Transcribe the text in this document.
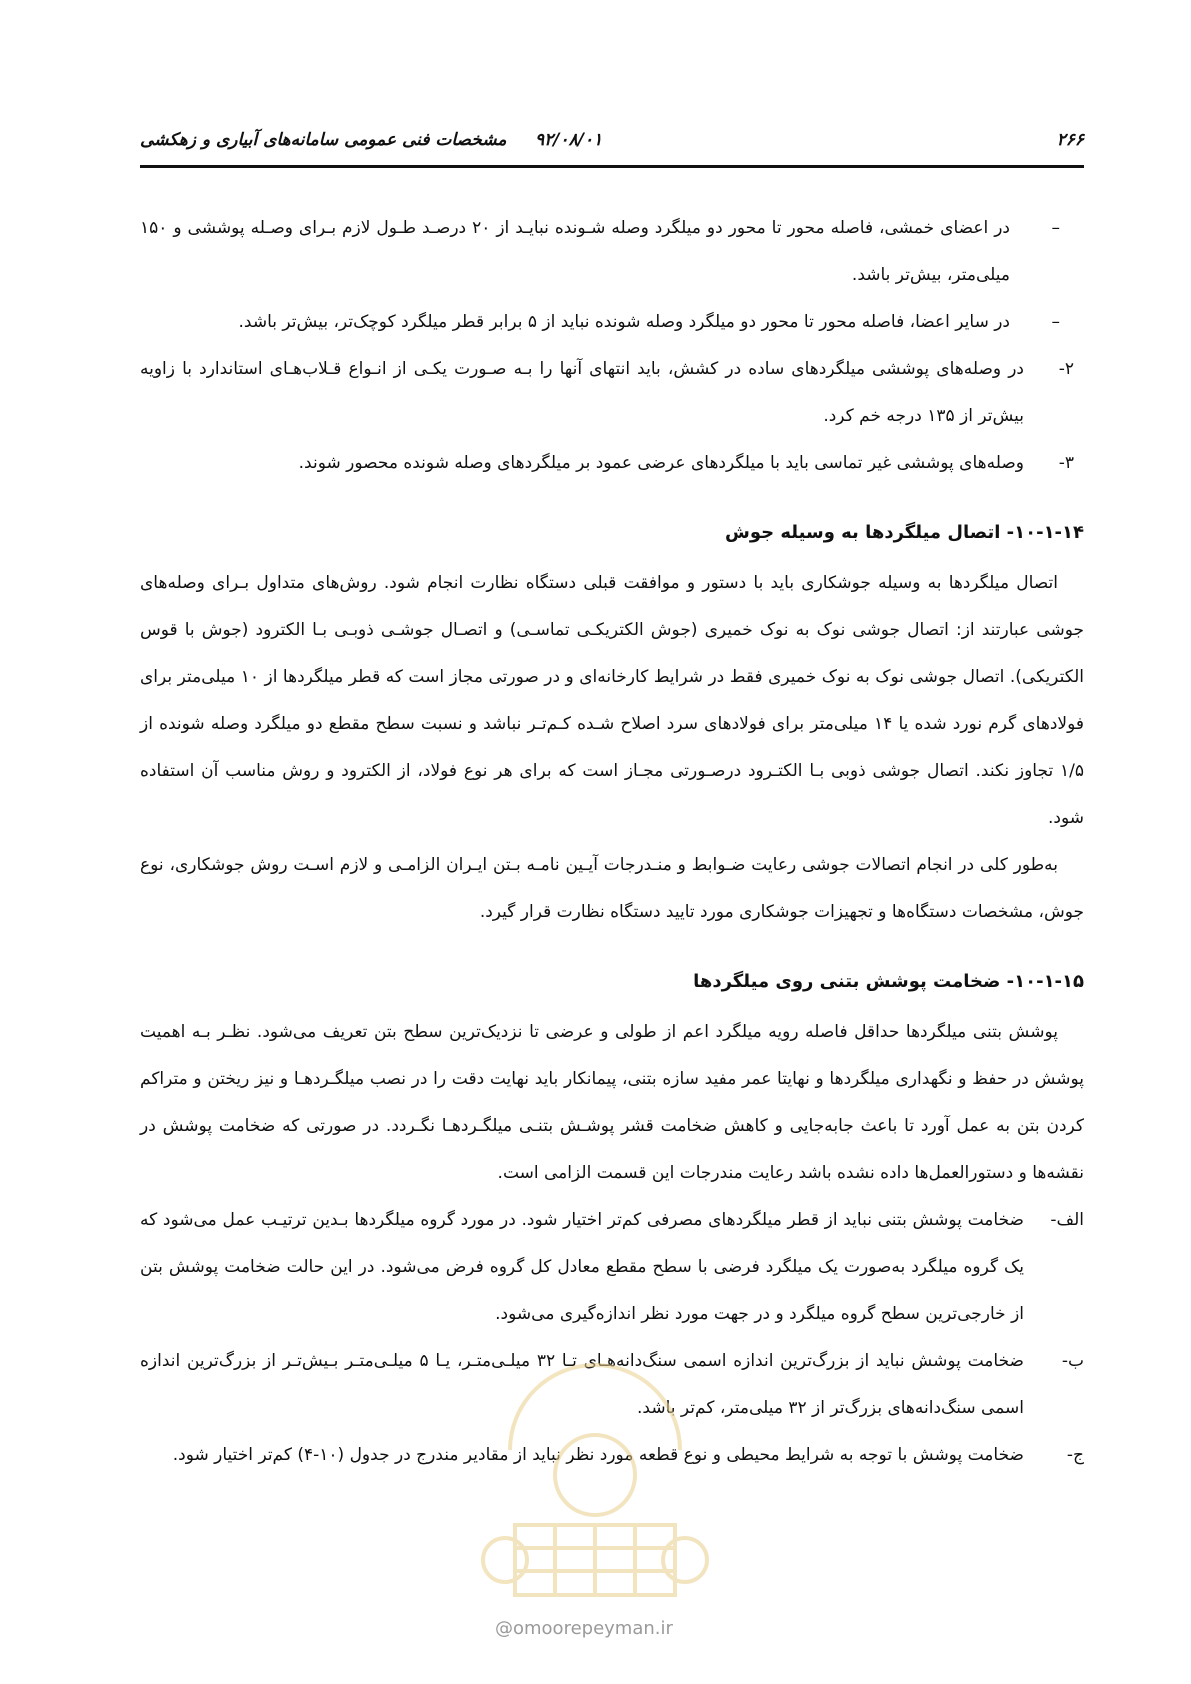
۲۶۶
۹۲/۰۸/۰۱
مشخصات فنی عمومی سامانه‌های آبیاری و زهکشی
–
در اعضای خمشی، فاصله محور تا محور دو میلگرد وصله شـونده نبایـد از ۲۰ درصـد طـول لازم بـرای وصـله پوششی و ۱۵۰ میلی‌متر، بیش‌تر باشد.
–
در سایر اعضا، فاصله محور تا محور دو میلگرد وصله شونده نباید از ۵ برابر قطر میلگرد کوچک‌تر، بیش‌تر باشد.
۲-
در وصله‌های پوششی میلگردهای ساده در کشش، باید انتهای آنها را بـه صـورت یکـی از انـواع قـلاب‌هـای استاندارد با زاویه بیش‌تر از ۱۳۵ درجه خم کرد.
۳-
وصله‌های پوششی غیر تماسی باید با میلگردهای عرضی عمود بر میلگردهای وصله شونده محصور شوند.
۱۰-۱-۱۴- اتصال میلگردها به وسیله جوش

اتصال میلگردها به وسیله جوشکاری باید با دستور و موافقت قبلی دستگاه نظارت انجام شود. روش‌های متداول بـرای وصله‌های جوشی عبارتند از: اتصال جوشی نوک به نوک خمیری (جوش الکتریکـی تماسـی) و اتصـال جوشـی ذوبـی بـا الکترود (جوش با قوس الکتریکی). اتصال جوشی نوک به نوک خمیری فقط در شرایط کارخانه‌ای و در صورتی مجاز است که قطر میلگردها از ۱۰ میلی‌متر برای فولادهای گرم نورد شده یا ۱۴ میلی‌متر برای فولادهای سرد اصلاح شـده کـم‌تـر نباشد و نسبت سطح مقطع دو میلگرد وصله شونده از ۱/۵ تجاوز نکند. اتصال جوشی ذوبی بـا الکتـرود درصـورتی مجـاز است که برای هر نوع فولاد، از الکترود و روش مناسب آن استفاده شود.

به‌طور کلی در انجام اتصالات جوشی رعایت ضـوابط و منـدرجات آیـین نامـه بـتن ایـران الزامـی و لازم اسـت روش جوشکاری، نوع جوش، مشخصات دستگاه‌ها و تجهیزات جوشکاری مورد تایید دستگاه نظارت قرار گیرد.

۱۰-۱-۱۵- ضخامت پوشش بتنی روی میلگردها

پوشش بتنی میلگردها حداقل فاصله رویه میلگرد اعم از طولی و عرضی تا نزدیک‌ترین سطح بتن تعریف می‌شود. نظـر بـه اهمیت پوشش در حفظ و نگهداری میلگردها و نهایتا عمر مفید سازه بتنی، پیمانکار باید نهایت دقت را در نصب میلگـردهـا و نیز ریختن و متراکم کردن بتن به عمل آورد تا باعث جابه‌جایی و کاهش ضخامت قشر پوشـش بتنـی میلگـردهـا نگـردد. در صورتی که ضخامت پوشش در نقشه‌ها و دستورالعمل‌ها داده نشده باشد رعایت مندرجات این قسمت الزامی است.

الف-
ضخامت پوشش بتنی نباید از قطر میلگردهای مصرفی کم‌تر اختیار شود. در مورد گروه میلگردها بـدین ترتیـب عمل می‌شود که یک گروه میلگرد به‌صورت یک میلگرد فرضی با سطح مقطع معادل کل گروه فرض می‌شود. در این حالت ضخامت پوشش بتن از خارجی‌ترین سطح گروه میلگرد و در جهت مورد نظر اندازه‌گیری می‌شود.
ب-
ضخامت پوشش نباید از بزرگ‌ترین اندازه اسمی سنگ‌دانه‌هـای تـا ۳۲ میلـی‌متـر، یـا ۵ میلـی‌متـر بـیش‌تـر از بزرگ‌ترین اندازه اسمی سنگ‌دانه‌های بزرگ‌تر از ۳۲ میلی‌متر، کم‌تر باشد.
ج-
ضخامت پوشش با توجه به شرایط محیطی و نوع قطعه مورد نظر نباید از مقادیر مندرج در جدول (۱۰-۴) کم‌تر اختیار شود.
@omoorepeyman.ir
